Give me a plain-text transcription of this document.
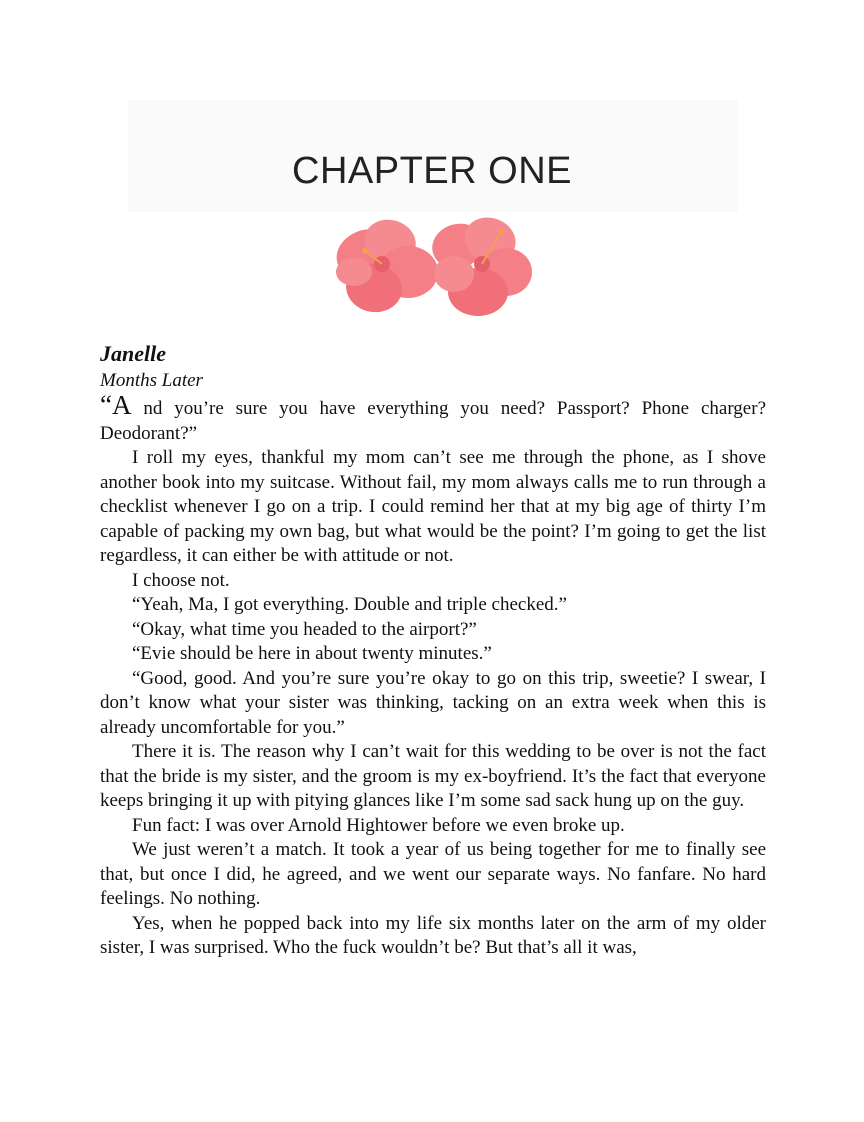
CHAPTER ONE
Janelle
Months Later

“A nd you’re sure you have everything you need? Passport? Phone charger? Deodorant?”

I roll my eyes, thankful my mom can’t see me through the phone, as I shove another book into my suitcase. Without fail, my mom always calls me to run through a checklist whenever I go on a trip. I could remind her that at my big age of thirty I’m capable of packing my own bag, but what would be the point? I’m going to get the list regardless, it can either be with attitude or not.

I choose not.

“Yeah, Ma, I got everything. Double and triple checked.”

“Okay, what time you headed to the airport?”

“Evie should be here in about twenty minutes.”

“Good, good. And you’re sure you’re okay to go on this trip, sweetie? I swear, I don’t know what your sister was thinking, tacking on an extra week when this is already uncomfortable for you.”

There it is. The reason why I can’t wait for this wedding to be over is not the fact that the bride is my sister, and the groom is my ex-boyfriend. It’s the fact that everyone keeps bringing it up with pitying glances like I’m some sad sack hung up on the guy.

Fun fact: I was over Arnold Hightower before we even broke up.

We just weren’t a match. It took a year of us being together for me to finally see that, but once I did, he agreed, and we went our separate ways. No fanfare. No hard feelings. No nothing.

Yes, when he popped back into my life six months later on the arm of my older sister, I was surprised. Who the fuck wouldn’t be? But that’s all it was,
